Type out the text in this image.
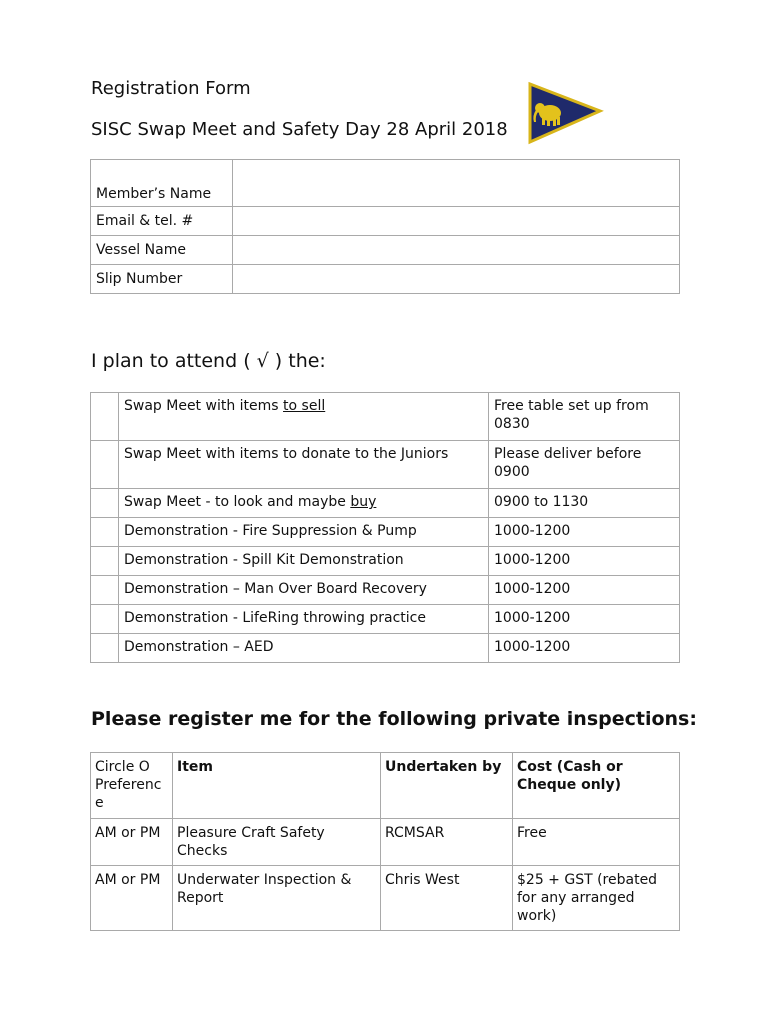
Registration Form
SISC Swap Meet and Safety Day 28 April 2018
Member’s Name	
Email & tel. #	
Vessel Name	
Slip Number	
I plan to attend ( √ ) the:
	Swap Meet with items to sell	Free table set up from 0830
	Swap Meet with items to donate to the Juniors	Please deliver before 0900
	Swap Meet - to look and maybe buy	0900 to 1130
	Demonstration - Fire Suppression & Pump	1000-1200
	Demonstration - Spill Kit Demonstration	1000-1200
	Demonstration – Man Over Board Recovery	1000-1200
	Demonstration - LifeRing throwing practice	1000-1200
	Demonstration – AED	1000-1200
Please register me for the following private inspections:
Circle O Preferenc e	Item	Undertaken by	Cost (Cash or Cheque only)
AM or PM	Pleasure Craft Safety Checks	RCMSAR	Free
AM or PM	Underwater Inspection & Report	Chris West	$25 + GST (rebated for any arranged work)
